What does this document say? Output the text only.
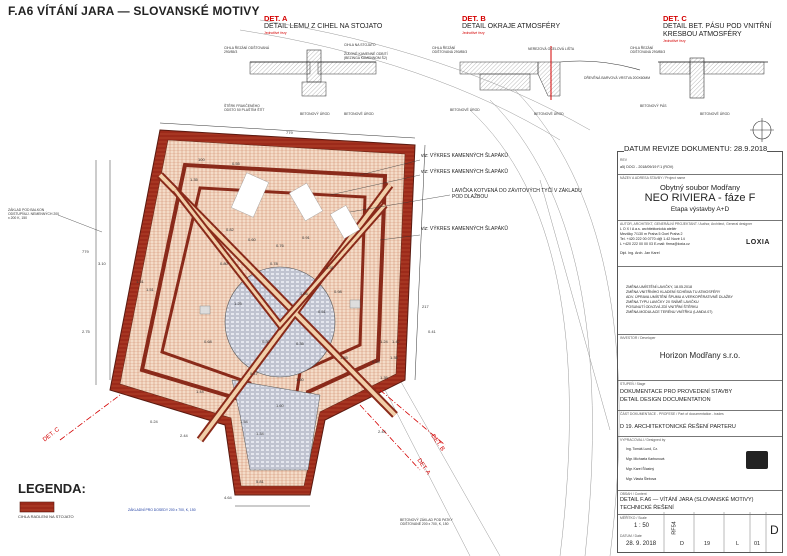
F.A6 VÍTÁNÍ JARA — SLOVANSKÉ MOTIVY
DET. A
DETAIL LEMU Z CIHEL NA STOJATO
Jednotlivé řezy
DET. B
DETAIL OKRAJE ATMOSFÉRY
Jednotlivé řezy
DET. C
DETAIL BET. PÁSU POD VNITŘNÍ KRESBOU ATMOSFÉRY
Jednotlivé řezy
CIHLA ŘEZÁNÍ ODŠTOVANÁ 290/85/3
CIHLA NA STOJATO
ŽULOVÉ KAMENNÉ ODBITÍ (BEZINGA KAMENNOM Š2)
ŠTĚRK FRAKČENÉHO ODSTO 50 PLAŠTÍM ŠTÍT
BETONOVÝ ÚROD	BETONOVÉ ÚROD
CIHLA ŘEZÁNÍ ODŠTOVANÁ 290/85/3
NEREZOVÁ OCELOVÁ LIŠTA
DŘEVĚNÁ BARVOVÁ VRSTVA 200X60MM
BETONOVÉ ÚROD
BETONOVÉ ÚROD
CIHLA ŘEZÁNÍ ODŠTOVANÁ 290/85/3
BETONOVÝ PÁS
BETONOVÉ ÚROD
viz: VÝKRES KAMENNÝCH ŠLAPÁKŮ
viz: VÝKRES KAMENNÝCH ŠLAPÁKŮ
LAVIČKA KOTVENÁ DO ZÁVITOVÝCH TYČÍ V ZÁKLADU POD DLAŽBOU
viz: VÝKRES KAMENNÝCH ŠLAPÁKŮ
ZÁKLAD POD BALKON ODSTUPŇUJ. NEMENNÝCH 200 x 200 K, 150
ZÁKLADNÍ PRO DOSEDY 200 x 700, K, 150
BETONOVÝ ZÁKLAD POD PATKY ODŠTOVANÉ 200 x 700, K, 150
779
100
0.55
1.35
779
3.10
1.51
2.75
2.44
0.24
5.81
4.64
0.82
0.60
0.76
0.91
1.25
0.51
0.30	0.35
0.35
1.35
1.60
1.54
5.47
0.68
0.80	0.78
1.24
0.91
1.51
1.60
1.44
1.34
0.98
1.06
1.55
217
0.41
1.42
1.35
2.44
DET. C	DET. B
DET. A
LEGENDA:
CIHLA RADLENI NA STOJATO
DATUM REVIZE DOKUMENTU: 28.9.2018
REV
a5) DOC/ - 2018/09/19 F.1 (ROV)
NÁZEV A ADRESA STAVBY / Project name
Obytný soubor Modřany
NEO RIVIERA - fáze F
Etapa výstavby A+D
AUTOR, ARCHITEKT, GENERÁLNÍ PROJEKTANT / Author, Architect, General designer
L O X I A a.s. architektonická ateliér
Mezičky 7/130 m Praha 5 Ocel Praha 2
Tel. +420 222 00 0770 d@ 1.42 Nové 14
L +420 222 00 00 03 E-mail: firma@loxia.cz
Dipl. Ing. Arch. Jan Karel
LOXIA
ZMĚNA UMÍSTĚNÍ LAVIČKY, 18.05.2018
ZMĚNA VNITŘNÍHO KLADENÍ SCHÉMA TU ATMOSFÉRY
ADV. ÚPRAVA UMÍSTĚNÍ ŠPUMU A VERKOPĚRATIVNĚ DLAŽBY
ZMĚNA TYPU LAVIČKY 2X SNÍMĚ LAVIČKU
POSUNUTÍ ODVZVÁ ZDÍ VNITŘNÍ ŠTĚRKU
ZMĚNA MODULACE TERÉNU VNÍTŘKU (LANDA 07)
INVESTOR / Developer
Horizon Modřany s.r.o.
STUPEŇ / Stage
DOKUMENTACE PRO PROVEDENÍ STAVBY
DETAIL DESIGN DOCUMENTATION
ČÁST DOKUMENTACE - PROFESE / Part of documentation - trades
D 19. ARCHITEKTONICKÉ ŘEŠENÍ PARTERU
VYPRACOVALI / Designed by
Ing. Tomáš Lund, Cz.
Mgr. Michaela Karbunová
Mgr. Karel Šťastný
Mgr. Vlasta Šlebova
OBSAH / Content
DETAIL F.A6 — VÍTÁNÍ JARA (SLOVANSKÉ MOTIVY)
TECHNICKÉ ŘEŠENÍ
MĚŘÍTKO / Scale
1 : 50
DATUM / Date
28. 9. 2018
RF54
D	19	L	01
D
